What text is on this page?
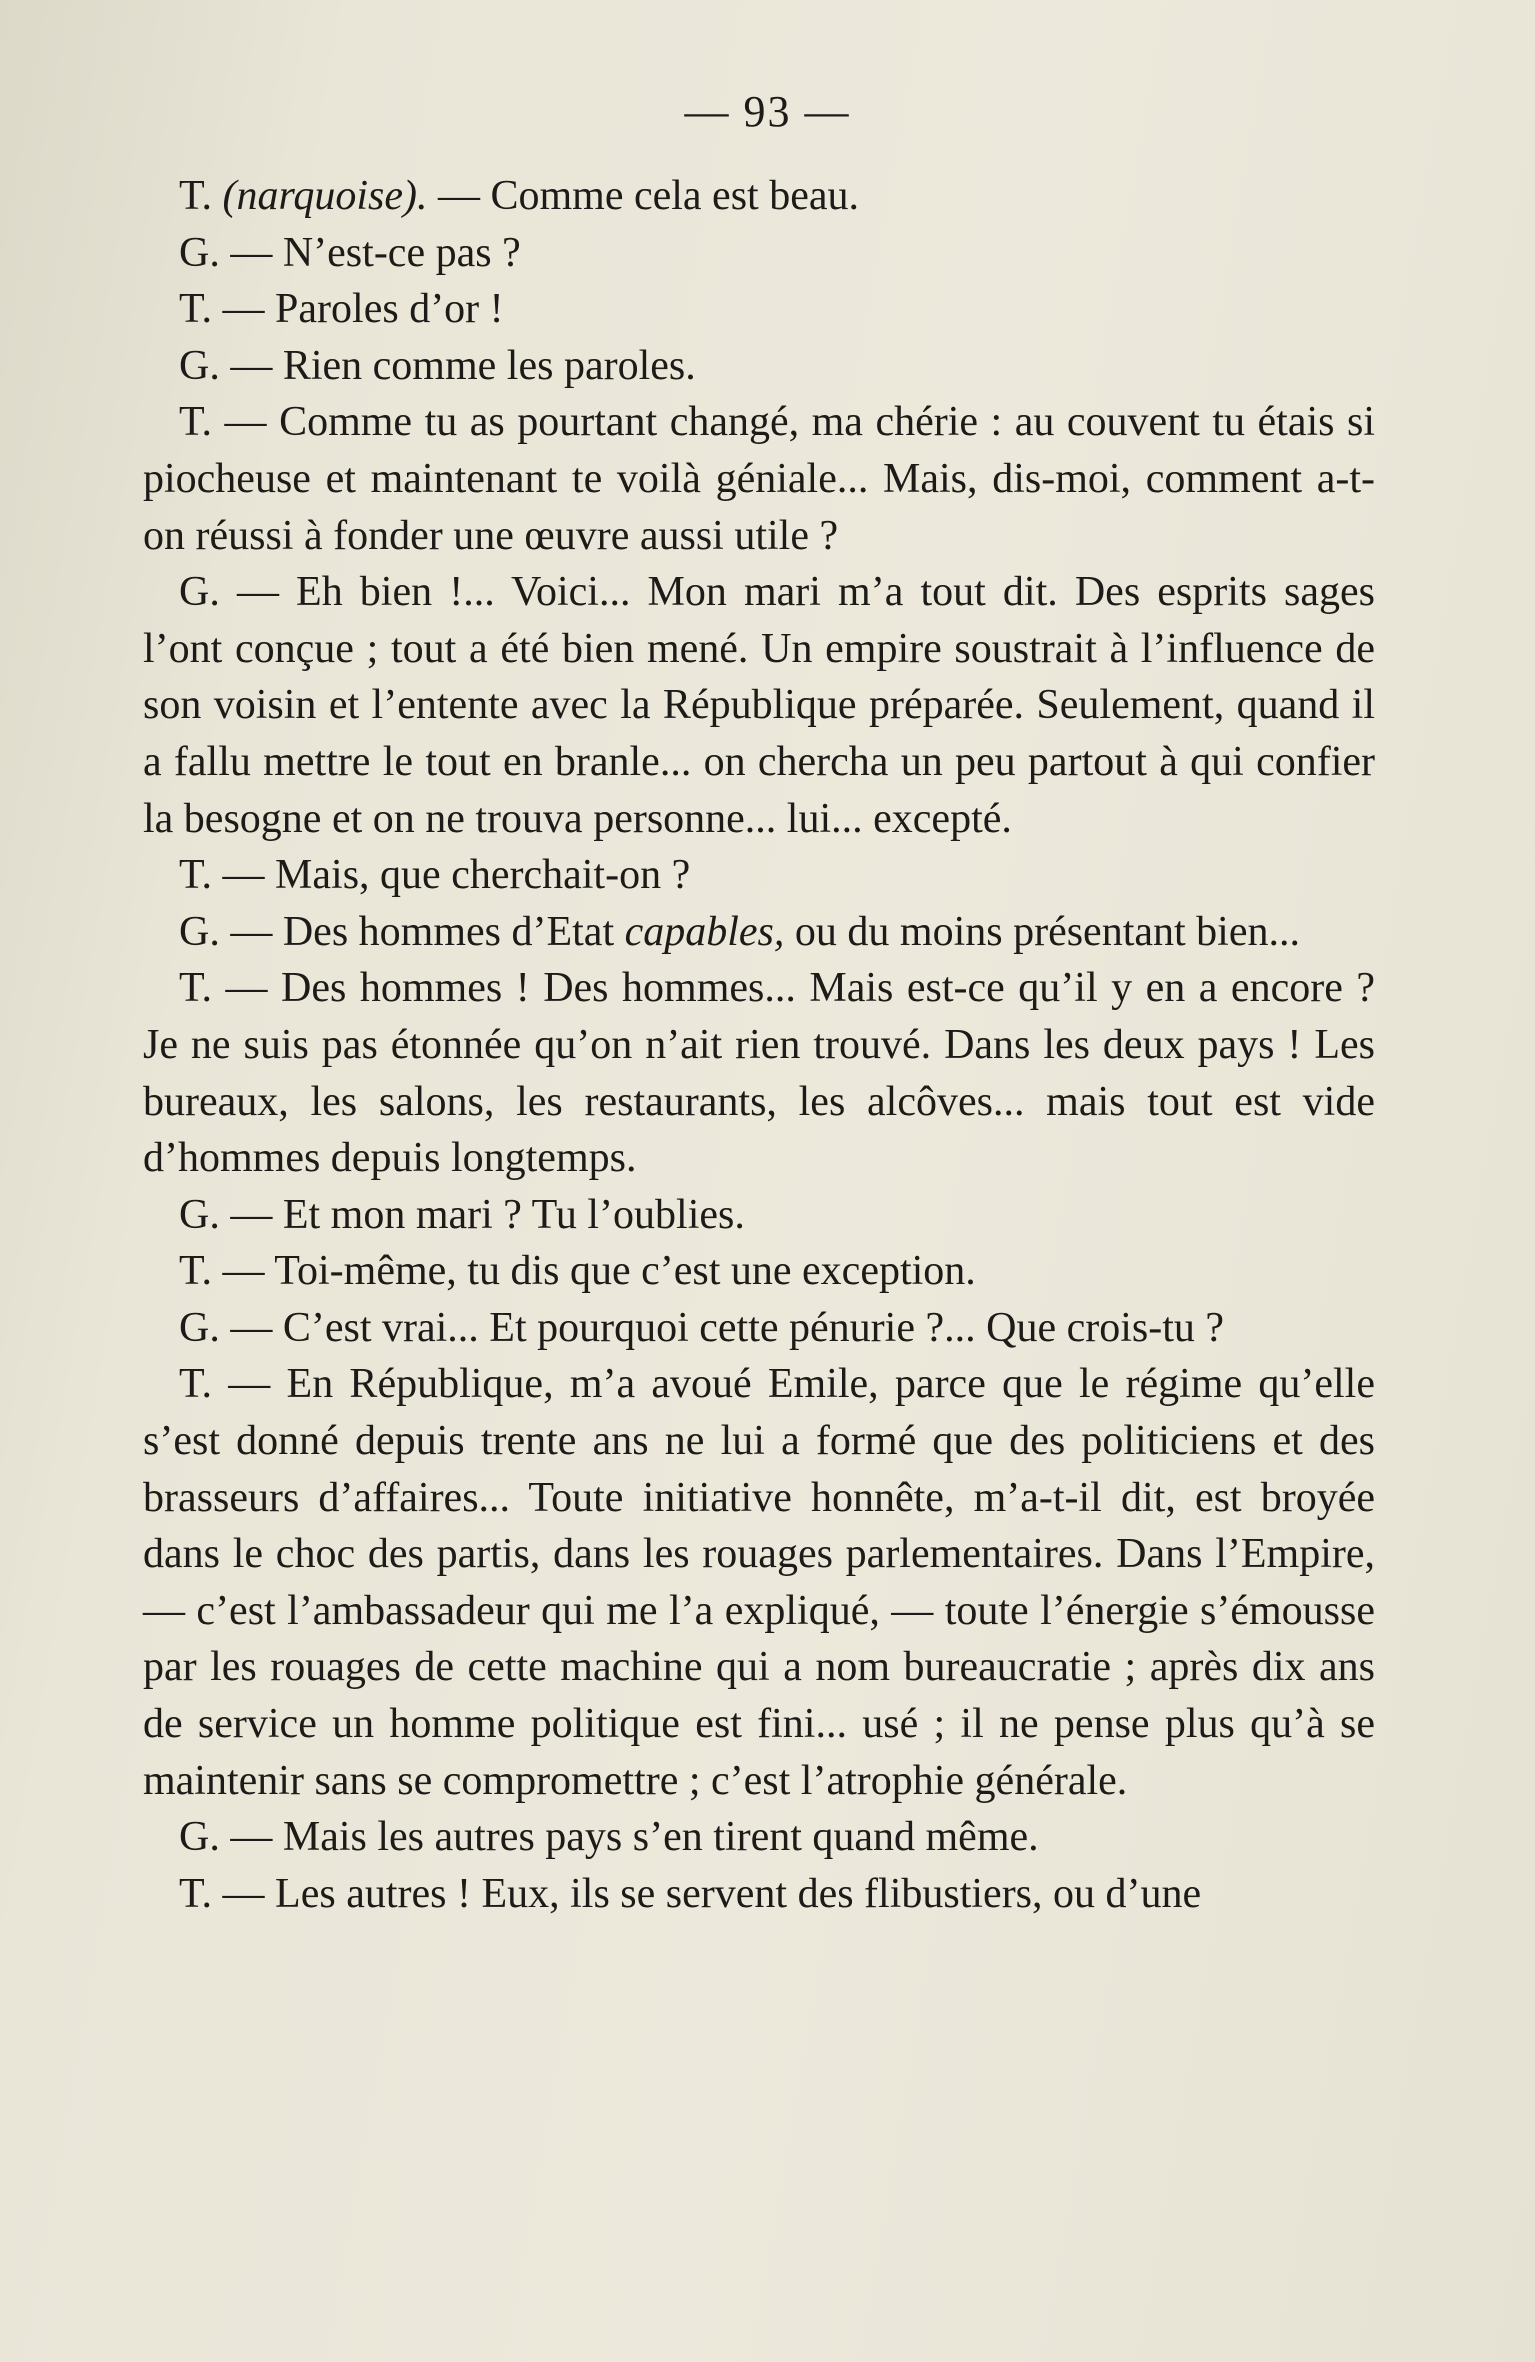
— 93 —

T. (narquoise). — Comme cela est beau.

G. — N’est-ce pas ?

T. — Paroles d’or !

G. — Rien comme les paroles.

T. — Comme tu as pourtant changé, ma chérie : au couvent tu étais si piocheuse et maintenant te voilà géniale... Mais, dis-moi, comment a-t-on réussi à fonder une œuvre aussi utile ?

G. — Eh bien !... Voici... Mon mari m’a tout dit. Des esprits sages l’ont conçue ; tout a été bien mené. Un empire soustrait à l’influence de son voisin et l’entente avec la République préparée. Seulement, quand il a fallu mettre le tout en branle... on chercha un peu partout à qui confier la besogne et on ne trouva personne... lui... excepté.

T. — Mais, que cherchait-on ?

G. — Des hommes d’Etat capables, ou du moins présentant bien...

T. — Des hommes ! Des hommes... Mais est-ce qu’il y en a encore ? Je ne suis pas étonnée qu’on n’ait rien trouvé. Dans les deux pays ! Les bureaux, les salons, les restaurants, les alcôves... mais tout est vide d’hommes depuis longtemps.

G. — Et mon mari ? Tu l’oublies.

T. — Toi-même, tu dis que c’est une exception.

G. — C’est vrai... Et pourquoi cette pénurie ?... Que crois-tu ?

T. — En République, m’a avoué Emile, parce que le régime qu’elle s’est donné depuis trente ans ne lui a formé que des politiciens et des brasseurs d’affaires... Toute initiative honnête, m’a-t-il dit, est broyée dans le choc des partis, dans les rouages parlementaires. Dans l’Empire, — c’est l’ambassadeur qui me l’a expliqué, — toute l’énergie s’émousse par les rouages de cette machine qui a nom bureaucratie ; après dix ans de service un homme politique est fini... usé ; il ne pense plus qu’à se maintenir sans se compromettre ; c’est l’atrophie générale.

G. — Mais les autres pays s’en tirent quand même.

T. — Les autres ! Eux, ils se servent des flibustiers, ou d’une
